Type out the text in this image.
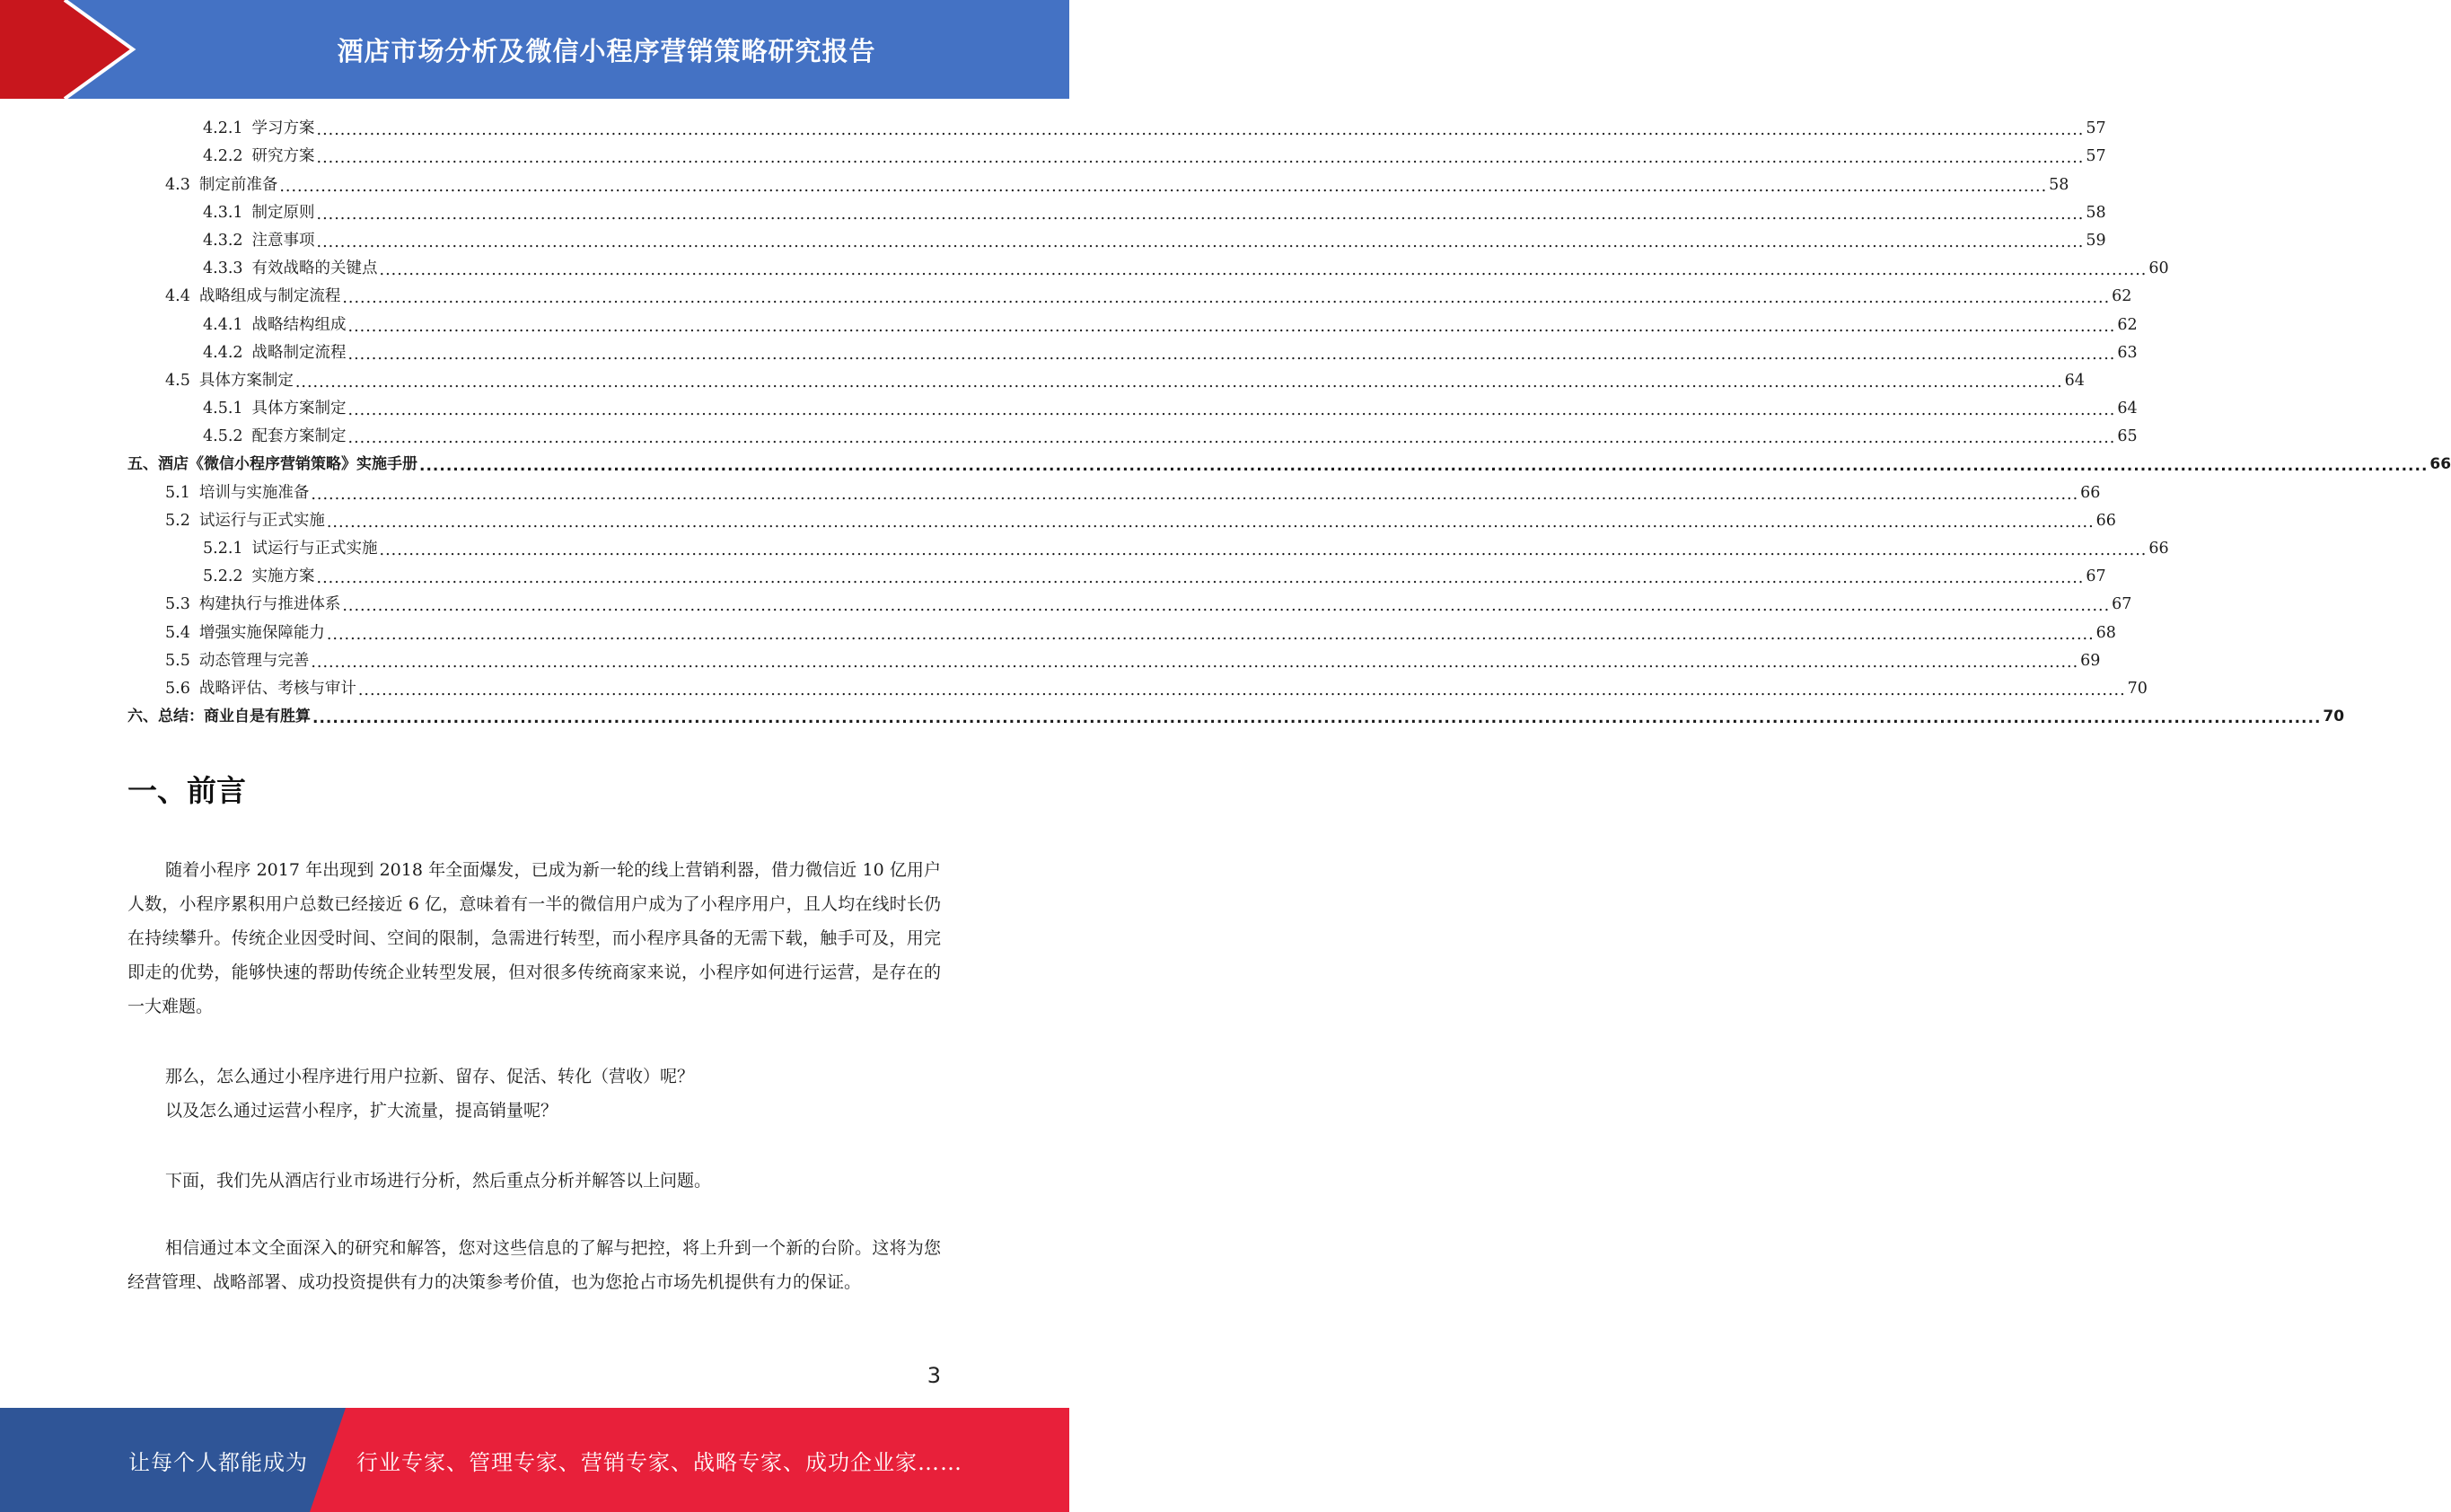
酒店市场分析及微信小程序营销策略研究报告
4.2.1 学习方案 ............................................................................................................................................................................................................................................................................................................ 57
4.2.2 研究方案 ............................................................................................................................................................................................................................................................................................................ 57
4.3 制定前准备 ............................................................................................................................................................................................................................................................................................................ 58
4.3.1 制定原则 ............................................................................................................................................................................................................................................................................................................ 58
4.3.2 注意事项 ............................................................................................................................................................................................................................................................................................................ 59
4.3.3 有效战略的关键点 ............................................................................................................................................................................................................................................................................................................ 60
4.4 战略组成与制定流程 ............................................................................................................................................................................................................................................................................................................ 62
4.4.1 战略结构组成 ............................................................................................................................................................................................................................................................................................................ 62
4.4.2 战略制定流程 ............................................................................................................................................................................................................................................................................................................ 63
4.5 具体方案制定 ............................................................................................................................................................................................................................................................................................................ 64
4.5.1 具体方案制定 ............................................................................................................................................................................................................................................................................................................ 64
4.5.2 配套方案制定 ............................................................................................................................................................................................................................................................................................................ 65
五、酒店《微信小程序营销策略》实施手册 ............................................................................................................................................................................................................................................................................................................ 66
5.1 培训与实施准备 ............................................................................................................................................................................................................................................................................................................ 66
5.2 试运行与正式实施 ............................................................................................................................................................................................................................................................................................................ 66
5.2.1 试运行与正式实施 ............................................................................................................................................................................................................................................................................................................ 66
5.2.2 实施方案 ............................................................................................................................................................................................................................................................................................................ 67
5.3 构建执行与推进体系 ............................................................................................................................................................................................................................................................................................................ 67
5.4 增强实施保障能力 ............................................................................................................................................................................................................................................................................................................ 68
5.5 动态管理与完善 ............................................................................................................................................................................................................................................................................................................ 69
5.6 战略评估、考核与审计 ............................................................................................................................................................................................................................................................................................................ 70
六、总结：商业自是有胜算 ............................................................................................................................................................................................................................................................................................................ 70
一、前言

随着小程序 2017 年出现到 2018 年全面爆发，已成为新一轮的线上营销利器，借力微信近 10 亿用户人数，小程序累积用户总数已经接近 6 亿，意味着有一半的微信用户成为了小程序用户，且人均在线时长仍在持续攀升。传统企业因受时间、空间的限制，急需进行转型，而小程序具备的无需下载，触手可及，用完即走的优势，能够快速的帮助传统企业转型发展，但对很多传统商家来说，小程序如何进行运营，是存在的一大难题。

那么，怎么通过小程序进行用户拉新、留存、促活、转化（营收）呢？
以及怎么通过运营小程序，扩大流量，提高销量呢？

下面，我们先从酒店行业市场进行分析，然后重点分析并解答以上问题。

相信通过本文全面深入的研究和解答，您对这些信息的了解与把控，将上升到一个新的台阶。这将为您经营管理、战略部署、成功投资提供有力的决策参考价值，也为您抢占市场先机提供有力的保证。

3
让每个人都能成为 行业专家、管理专家、营销专家、战略专家、成功企业家……
